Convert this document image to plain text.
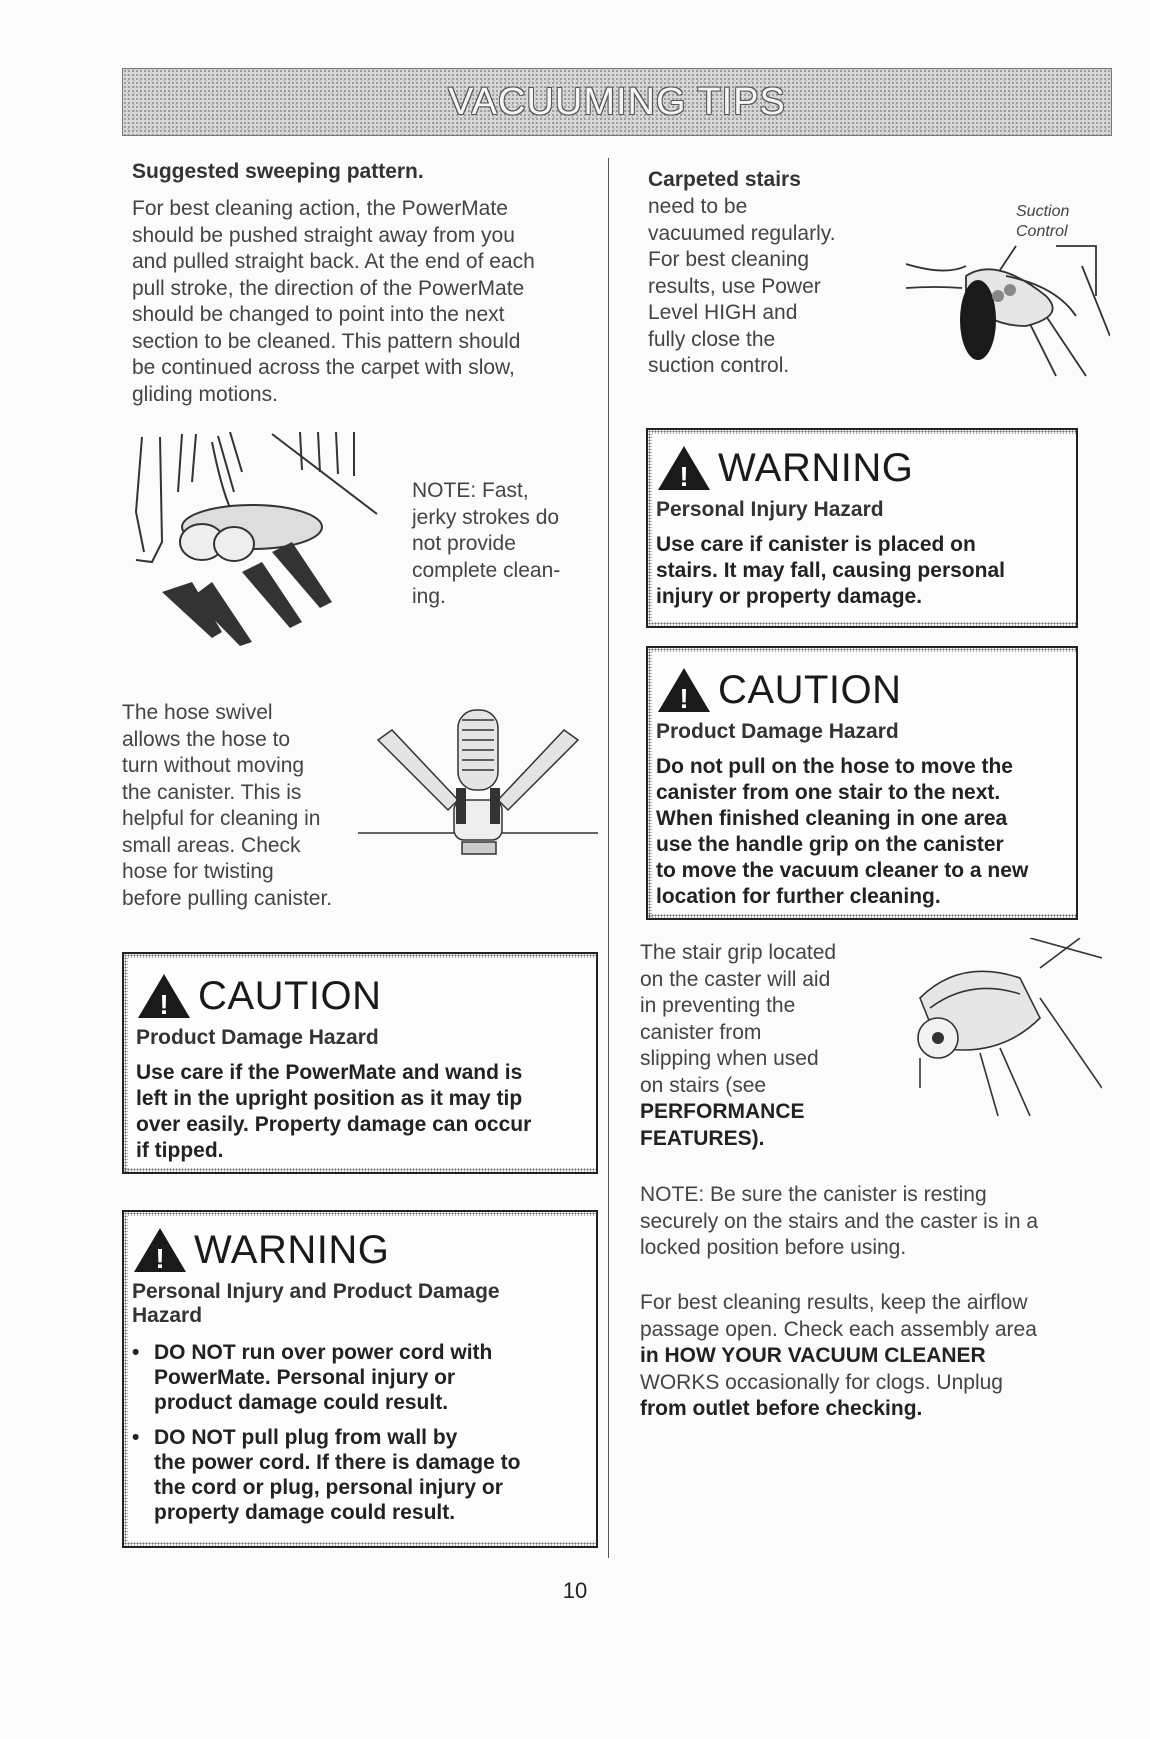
VACUUMING TIPS
Suggested sweeping pattern.
For best cleaning action, the PowerMate
should be pushed straight away from you
and pulled straight back. At the end of each
pull stroke, the direction of the PowerMate
should be changed to point into the next
section to be cleaned. This pattern should
be continued across the carpet with slow,
gliding motions.
NOTE: Fast,
jerky strokes do
not provide
complete clean-
ing.
The hose swivel
allows the hose to
turn without moving
the canister. This is
helpful for cleaning in
small areas. Check
hose for twisting
before pulling canister.
! CAUTION
Product Damage Hazard
Use care if the PowerMate and wand is
left in the upright position as it may tip
over easily. Property damage can occur
if tipped.
! WARNING
Personal Injury and Product Damage
Hazard
• DO NOT run over power cord with
PowerMate. Personal injury or
product damage could result.
• DO NOT pull plug from wall by
the power cord. If there is damage to
the cord or plug, personal injury or
property damage could result.
Carpeted stairs
need to be
vacuumed regularly.
For best cleaning
results, use Power
Level HIGH and
fully close the
suction control.
Suction
Control
! WARNING
Personal Injury Hazard
Use care if canister is placed on
stairs. It may fall, causing personal
injury or property damage.
! CAUTION
Product Damage Hazard
Do not pull on the hose to move the
canister from one stair to the next.
When finished cleaning in one area
use the handle grip on the canister
to move the vacuum cleaner to a new
location for further cleaning.
The stair grip located
on the caster will aid
in preventing the
canister from
slipping when used
on stairs (see
PERFORMANCE
FEATURES).
NOTE: Be sure the canister is resting
securely on the stairs and the caster is in a
locked position before using.
For best cleaning results, keep the airflow
passage open. Check each assembly area
in HOW YOUR VACUUM CLEANER
WORKS occasionally for clogs. Unplug
from outlet before checking.
10
